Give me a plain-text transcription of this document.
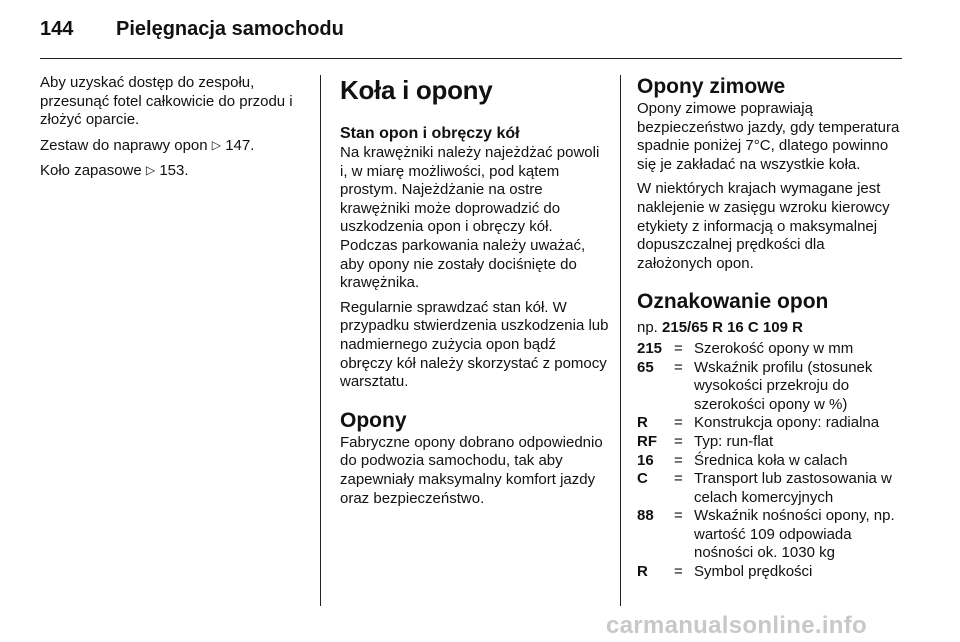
144 Pielęgnacja samochodu

Aby uzyskać dostęp do zespołu, przesunąć fotel całkowicie do przodu i złożyć oparcie.

Zestaw do naprawy opon ▷ 147.

Koło zapasowe ▷ 153.

Koła i opony
Stan opon i obręczy kół

Na krawężniki należy najeżdżać powoli i, w miarę możliwości, pod kątem prostym. Najeżdżanie na ostre krawężniki może doprowadzić do uszkodzenia opon i obręczy kół. Podczas parkowania należy uważać, aby opony nie zostały dociśnięte do krawężnika.

Regularnie sprawdzać stan kół. W przypadku stwierdzenia uszkodzenia lub nadmiernego zużycia opon bądź obręczy kół należy skorzystać z pomocy warsztatu.

Opony

Fabryczne opony dobrano odpowiednio do podwozia samochodu, tak aby zapewniały maksymalny komfort jazdy oraz bezpieczeństwo.

Opony zimowe

Opony zimowe poprawiają bezpieczeństwo jazdy, gdy temperatura spadnie poniżej 7°C, dlatego powinno się je zakładać na wszystkie koła.

W niektórych krajach wymagane jest naklejenie w zasięgu wzroku kierowcy etykiety z informacją o maksymalnej dopuszczalnej prędkości dla założonych opon.

Oznakowanie opon

np. 215/65 R 16 C 109 R

215 = Szerokość opony w mm
65	= Wskaźnik profilu (stosunek wysokości przekroju do szerokości opony w %)
R	= Konstrukcja opony: radialna
RF	= Typ: run-flat
16	= Średnica koła w calach
C	= Transport lub zastosowania w celach komercyjnych
88	= Wskaźnik nośności opony, np. wartość 109 odpowiada nośności ok. 1030 kg
R	= Symbol prędkości
carmanualsonline.info
